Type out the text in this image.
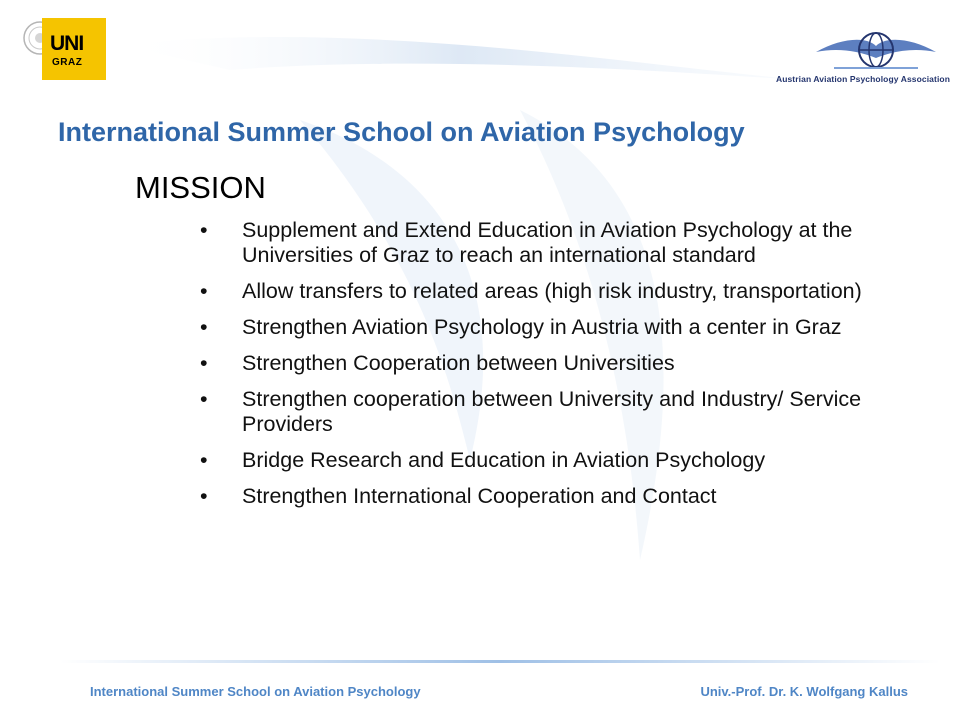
UNI
GRAZ
Austrian Aviation Psychology Association
International Summer School on Aviation Psychology
MISSION
• Supplement and Extend Education in Aviation Psychology at the Universities of Graz to reach an international standard
• Allow transfers to related areas (high risk industry, transportation)
• Strengthen Aviation Psychology in Austria with a center in Graz
• Strengthen Cooperation between Universities
• Strengthen cooperation between University and Industry/ Service Providers
• Bridge Research and Education in Aviation Psychology
• Strengthen International Cooperation and Contact
International Summer School on Aviation Psychology	Univ.-Prof. Dr. K. Wolfgang Kallus
